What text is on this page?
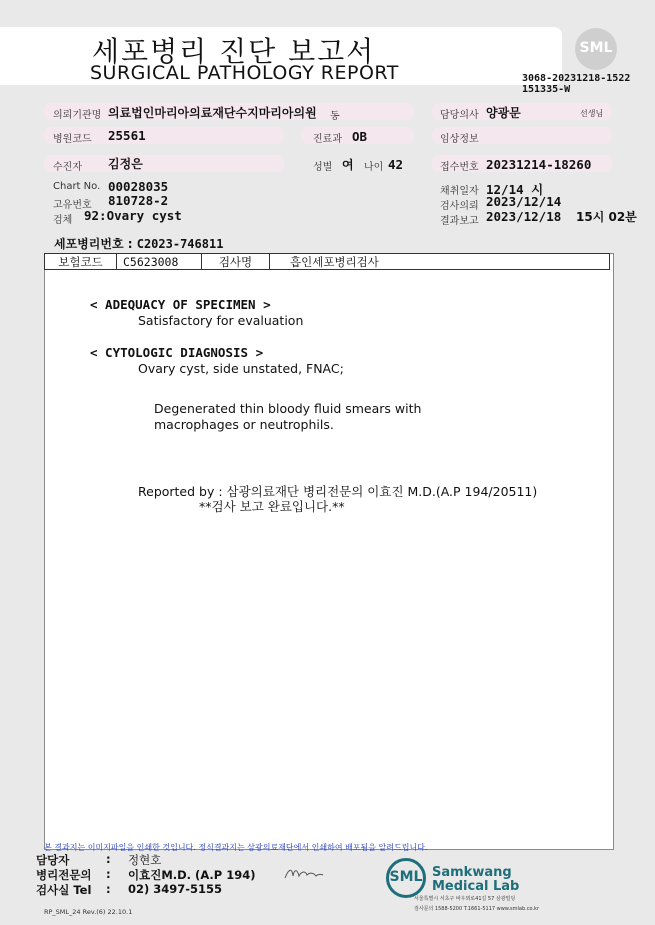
세포병리 진단 보고서
SURGICAL PATHOLOGY REPORT
SML
3068-20231218-1522
151335-W
의뢰기관명 의료법인마리아의료재단수지마리아의원 동	담당의사 양광문	선생님
병원코드 25561	진료과 OB	임상정보
수진자 김정은	성별 여 나이 42	접수번호 20231214-18260
Chart No. 00028035
고유번호 810728-2
검체 92:Ovary cyst
채취일자 12/14 시
검사의뢰 2023/12/14
결과보고 2023/12/18 15시 02분
세포병리번호 : C2023-746811
보험코드	C5623008	검사명	흡인세포병리검사
< ADEQUACY OF SPECIMEN >
Satisfactory for evaluation
< CYTOLOGIC DIAGNOSIS >
Ovary cyst, side unstated, FNAC;
Degenerated thin bloody fluid smears with
macrophages or neutrophils.
Reported by : 삼광의료재단 병리전문의 이효진 M.D.(A.P 194/20511)
**검사 보고 완료입니다.**
본 결과지는 이미지파일을 인쇄한 것입니다. 정식결과지는 삼광의료재단에서 인쇄하여 배포됨을 알려드립니다.
담당자	: 정현호
병리전문의 : 이효진M.D. (A.P 194)
검사실 Tel : 02) 3497-5155
SML Samkwang
Medical Lab
서울특별시 서초구 바우뫼로41길 57 삼광빌딩
검사문의 1588-5200 T.1661-5117 www.smlab.co.kr
RP_SML_24 Rev.(6) 22.10.1
